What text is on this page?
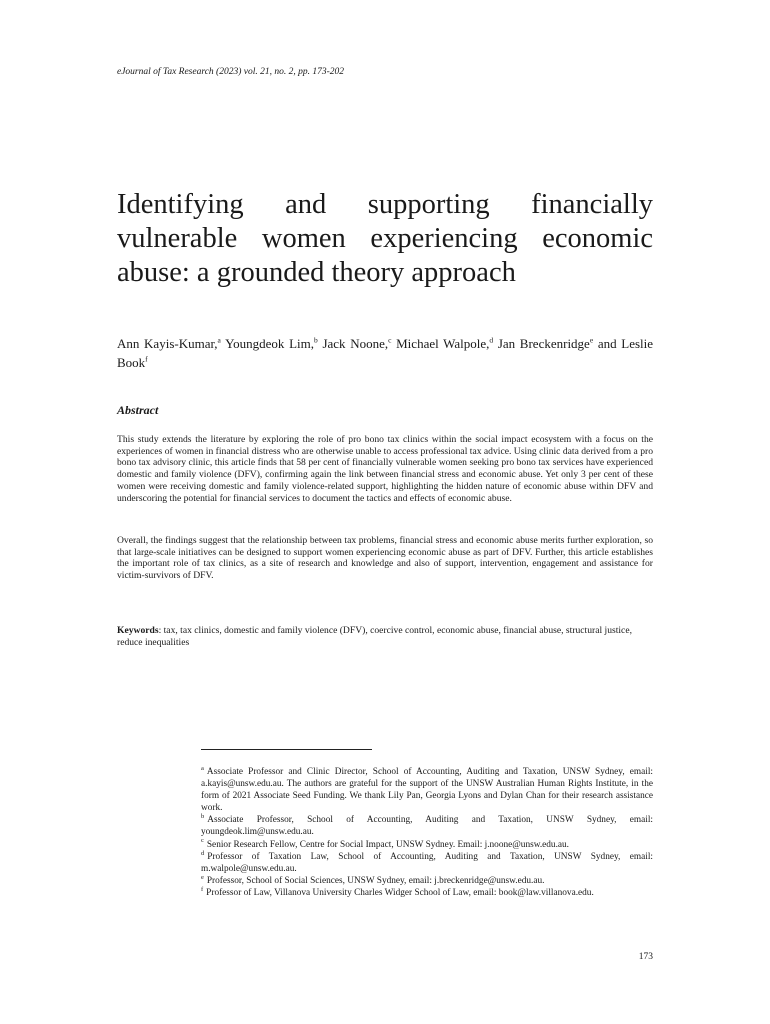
eJournal of Tax Research (2023) vol. 21, no. 2, pp. 173-202
Identifying and supporting financially
vulnerable women experiencing economic abuse: a grounded theory approach
Ann Kayis-Kumar,$^a$ Youngdeok Lim,$^b$ Jack Noone,$^c$ Michael Walpole,$^d$ Jan Breckenridge$^e$ and Leslie Book$^f$
Abstract

This study extends the literature by exploring the role of pro bono tax clinics within the social impact ecosystem with a focus on the experiences of women in financial distress who are otherwise unable to access professional tax advice. Using clinic data derived from a pro bono tax advisory clinic, this article finds that 58 per cent of financially vulnerable women seeking pro bono tax services have experienced domestic and family violence (DFV), confirming again the link between financial stress and economic abuse. Yet only 3 per cent of these women were receiving domestic and family violence-related support, highlighting the hidden nature of economic abuse within DFV and underscoring the potential for financial services to document the tactics and effects of economic abuse.

Overall, the findings suggest that the relationship between tax problems, financial stress and economic abuse merits further exploration, so that large-scale initiatives can be designed to support women experiencing economic abuse as part of DFV. Further, this article establishes the important role of tax clinics, as a site of research and knowledge and also of support, intervention, engagement and assistance for victim-survivors of DFV.

Keywords: tax, tax clinics, domestic and family violence (DFV), coercive control, economic abuse, financial abuse, structural justice, reduce inequalities

$^a$ Associate Professor and Clinic Director, School of Accounting, Auditing and Taxation, UNSW Sydney, email: a.kayis@unsw.edu.au. The authors are grateful for the support of the UNSW Australian Human Rights Institute, in the form of 2021 Associate Seed Funding. We thank Lily Pan, Georgia Lyons and Dylan Chan for their research assistance work.

$^b$ Associate Professor, School of Accounting, Auditing and Taxation, UNSW Sydney, email: youngdeok.lim@unsw.edu.au.

$^c$ Senior Research Fellow, Centre for Social Impact, UNSW Sydney. Email: j.noone@unsw.edu.au.

$^d$ Professor of Taxation Law, School of Accounting, Auditing and Taxation, UNSW Sydney, email: m.walpole@unsw.edu.au.

$^e$ Professor, School of Social Sciences, UNSW Sydney, email: j.breckenridge@unsw.edu.au.

$^f$ Professor of Law, Villanova University Charles Widger School of Law, email: book@law.villanova.edu.

173
